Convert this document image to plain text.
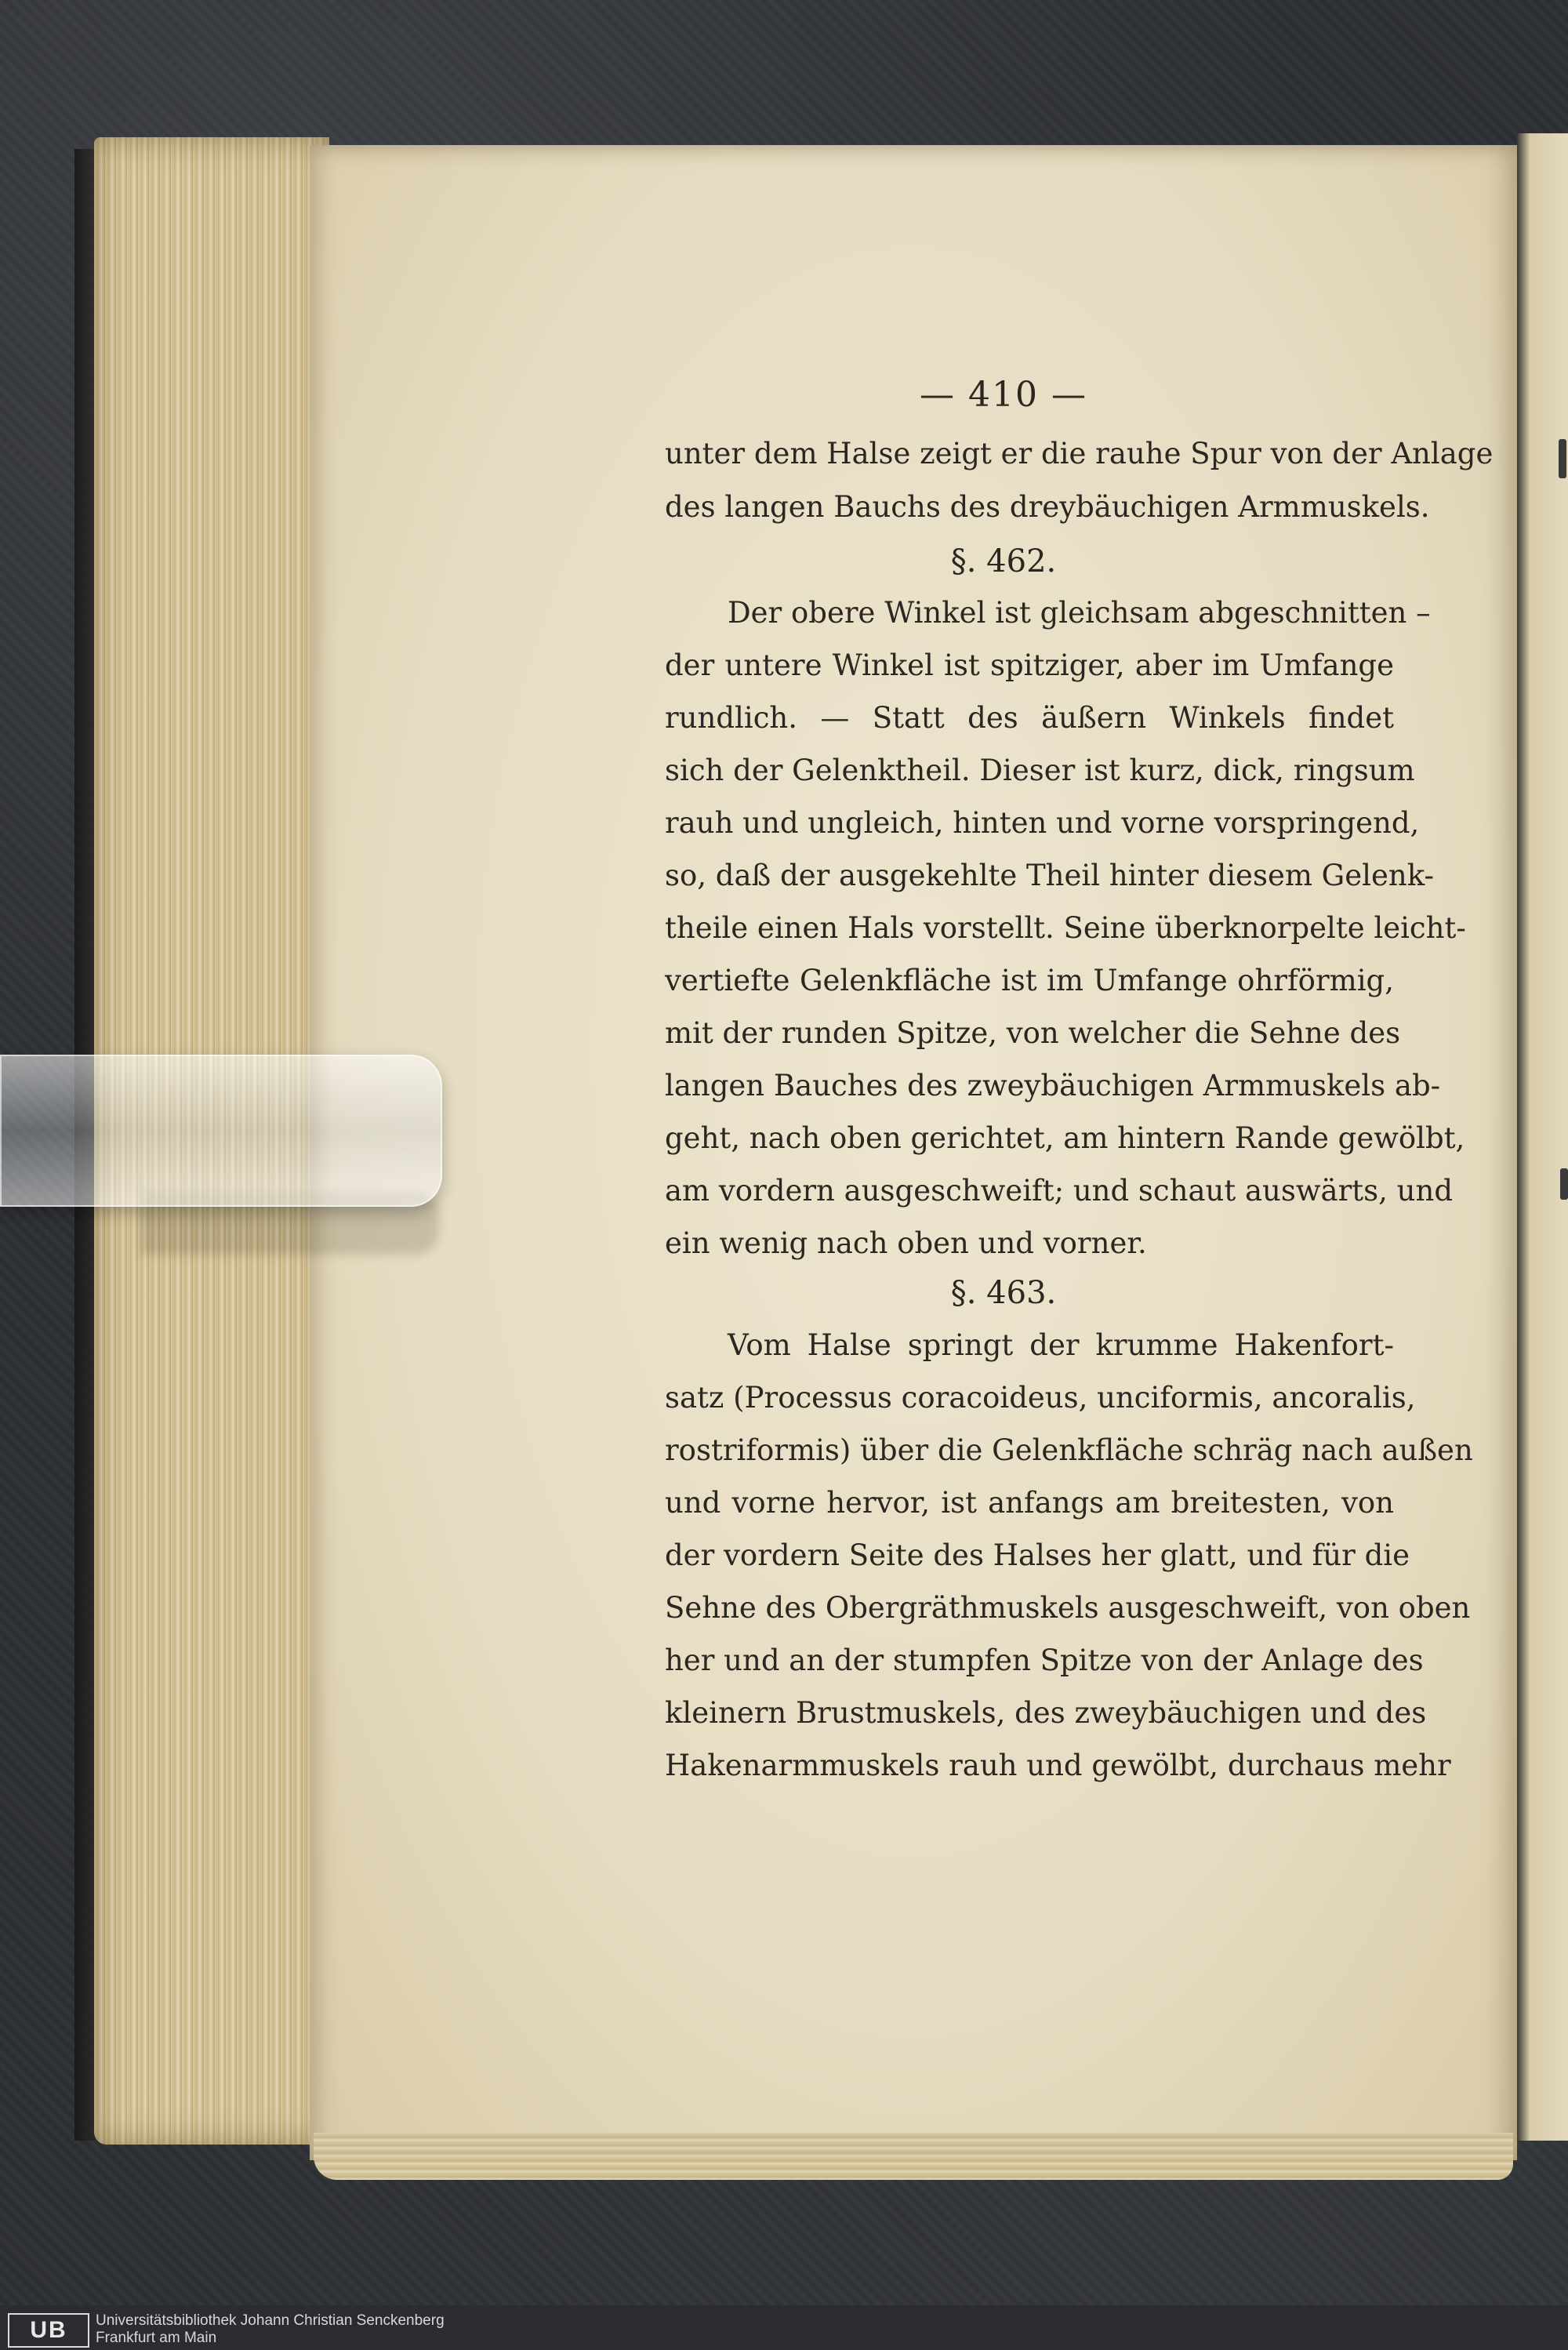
— 410 —
unter dem Halse zeigt er die rauhe Spur von der Anlage
des langen Bauchs des dreybäuchigen Armmuskels.
§. 462.
Der obere Winkel ist gleichsam abgeschnitten –
der untere Winkel ist spitziger, aber im Umfange
rundlich. — Statt des äußern Winkels findet
sich der Gelenktheil. Dieser ist kurz, dick, ringsum
rauh und ungleich, hinten und vorne vorspringend,
so, daß der ausgekehlte Theil hinter diesem Gelenk-
theile einen Hals vorstellt. Seine überknorpelte leicht-
vertiefte Gelenkfläche ist im Umfange ohrförmig,
mit der runden Spitze, von welcher die Sehne des
langen Bauches des zweybäuchigen Armmuskels ab-
geht, nach oben gerichtet, am hintern Rande gewölbt,
am vordern ausgeschweift; und schaut auswärts, und
ein wenig nach oben und vorner.
§. 463.
Vom Halse springt der krumme Hakenfort-
satz (Processus coracoideus, unciformis, ancoralis,
rostriformis) über die Gelenkfläche schräg nach außen
und vorne hervor, ist anfangs am breitesten, von
der vordern Seite des Halses her glatt, und für die
Sehne des Obergräthmuskels ausgeschweift, von oben
her und an der stumpfen Spitze von der Anlage des
kleinern Brustmuskels, des zweybäuchigen und des
Hakenarmmuskels rauh und gewölbt, durchaus mehr
UB	Universitätsbibliothek Johann Christian Senckenberg
Frankfurt am Main
